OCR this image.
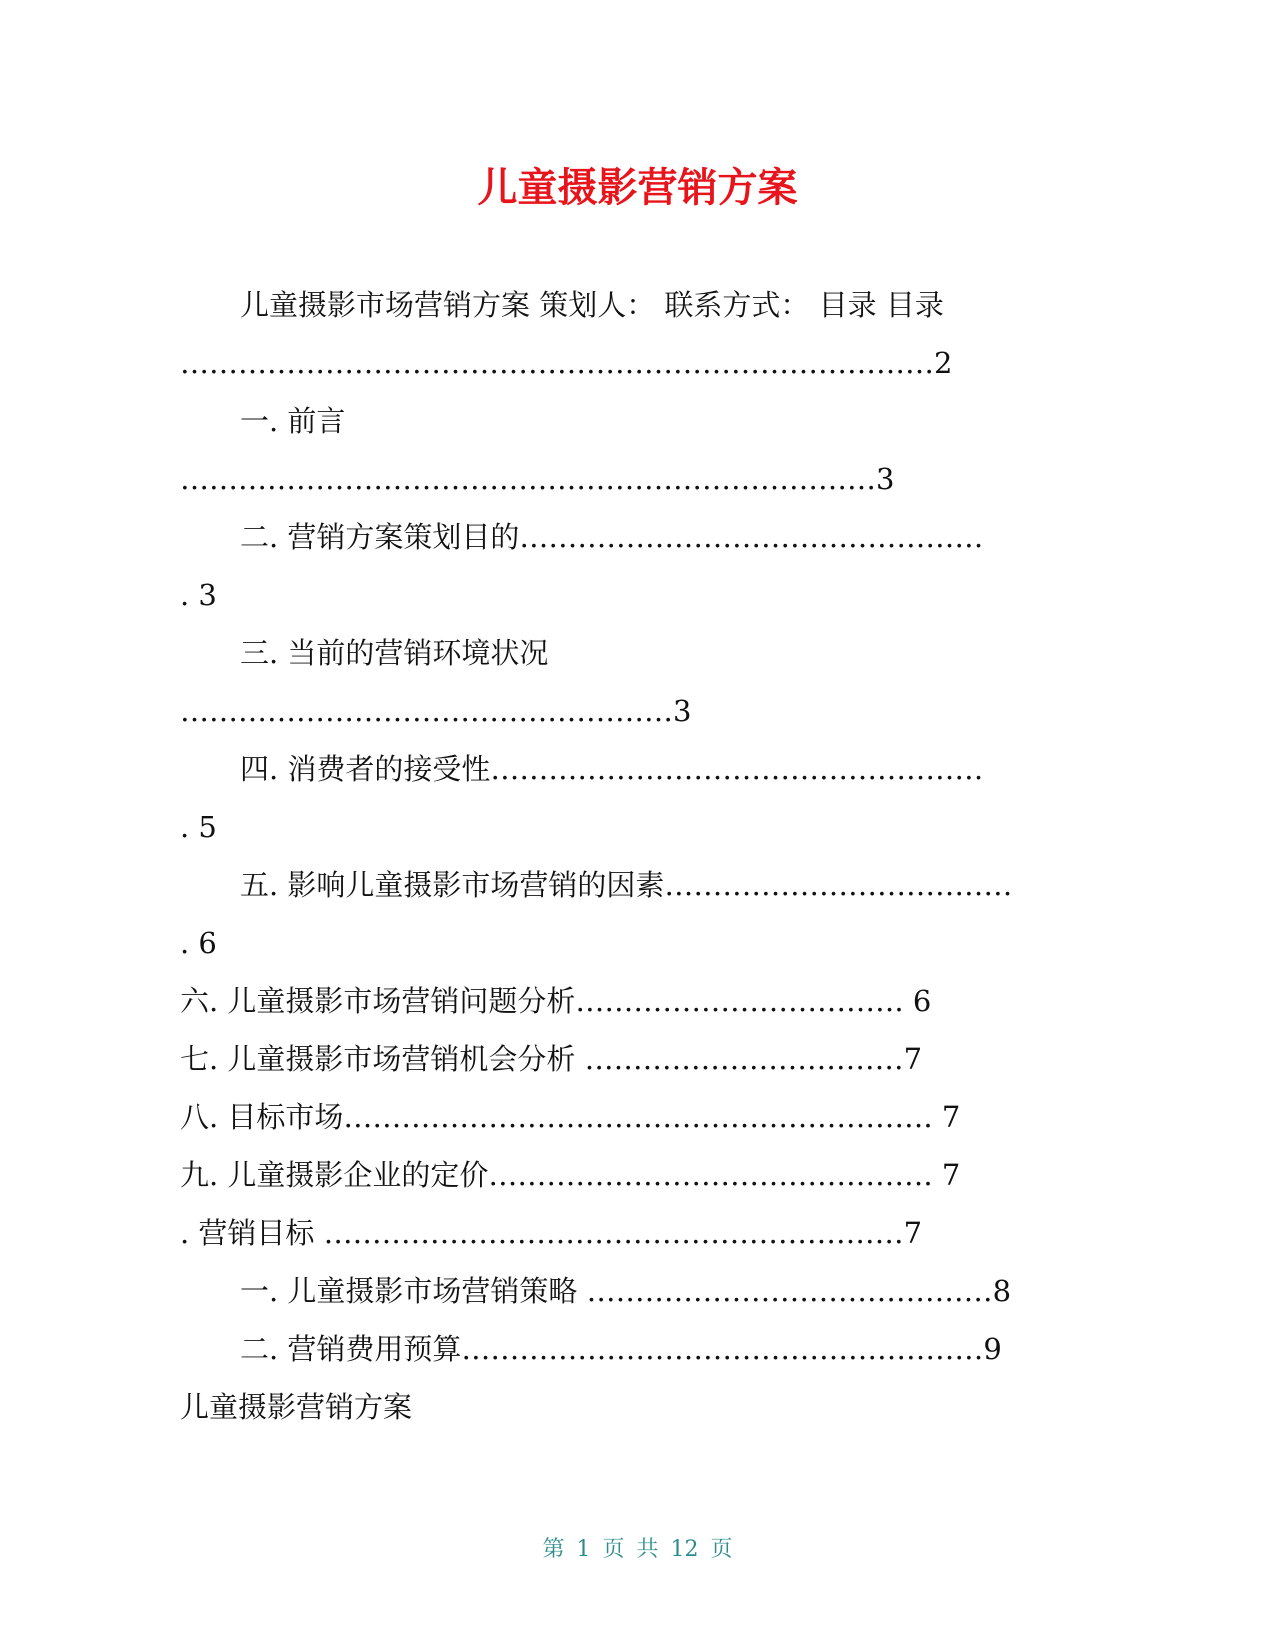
儿童摄影营销方案
儿童摄影市场营销方案 策划人： 联系方式： 目录 目录
……………………………………………………………………2
一. 前言
………………………………………………………………3
二. 营销方案策划目的…………………………………………
. 3
三. 当前的营销环境状况
……………………………………………3
四. 消费者的接受性……………………………………………
. 5
五. 影响儿童摄影市场营销的因素………………………………
. 6
六. 儿童摄影市场营销问题分析……………………………. 6
七. 儿童摄影市场营销机会分析 ……………………………7
八. 目标市场……………………………………………………. 7
九. 儿童摄影企业的定价………………………………………. 7
. 营销目标 ……………………………………………………7
一. 儿童摄影市场营销策略 ……………………………………8
二. 营销费用预算………………………………………………9
儿童摄影营销方案
第 1 页 共 12 页
